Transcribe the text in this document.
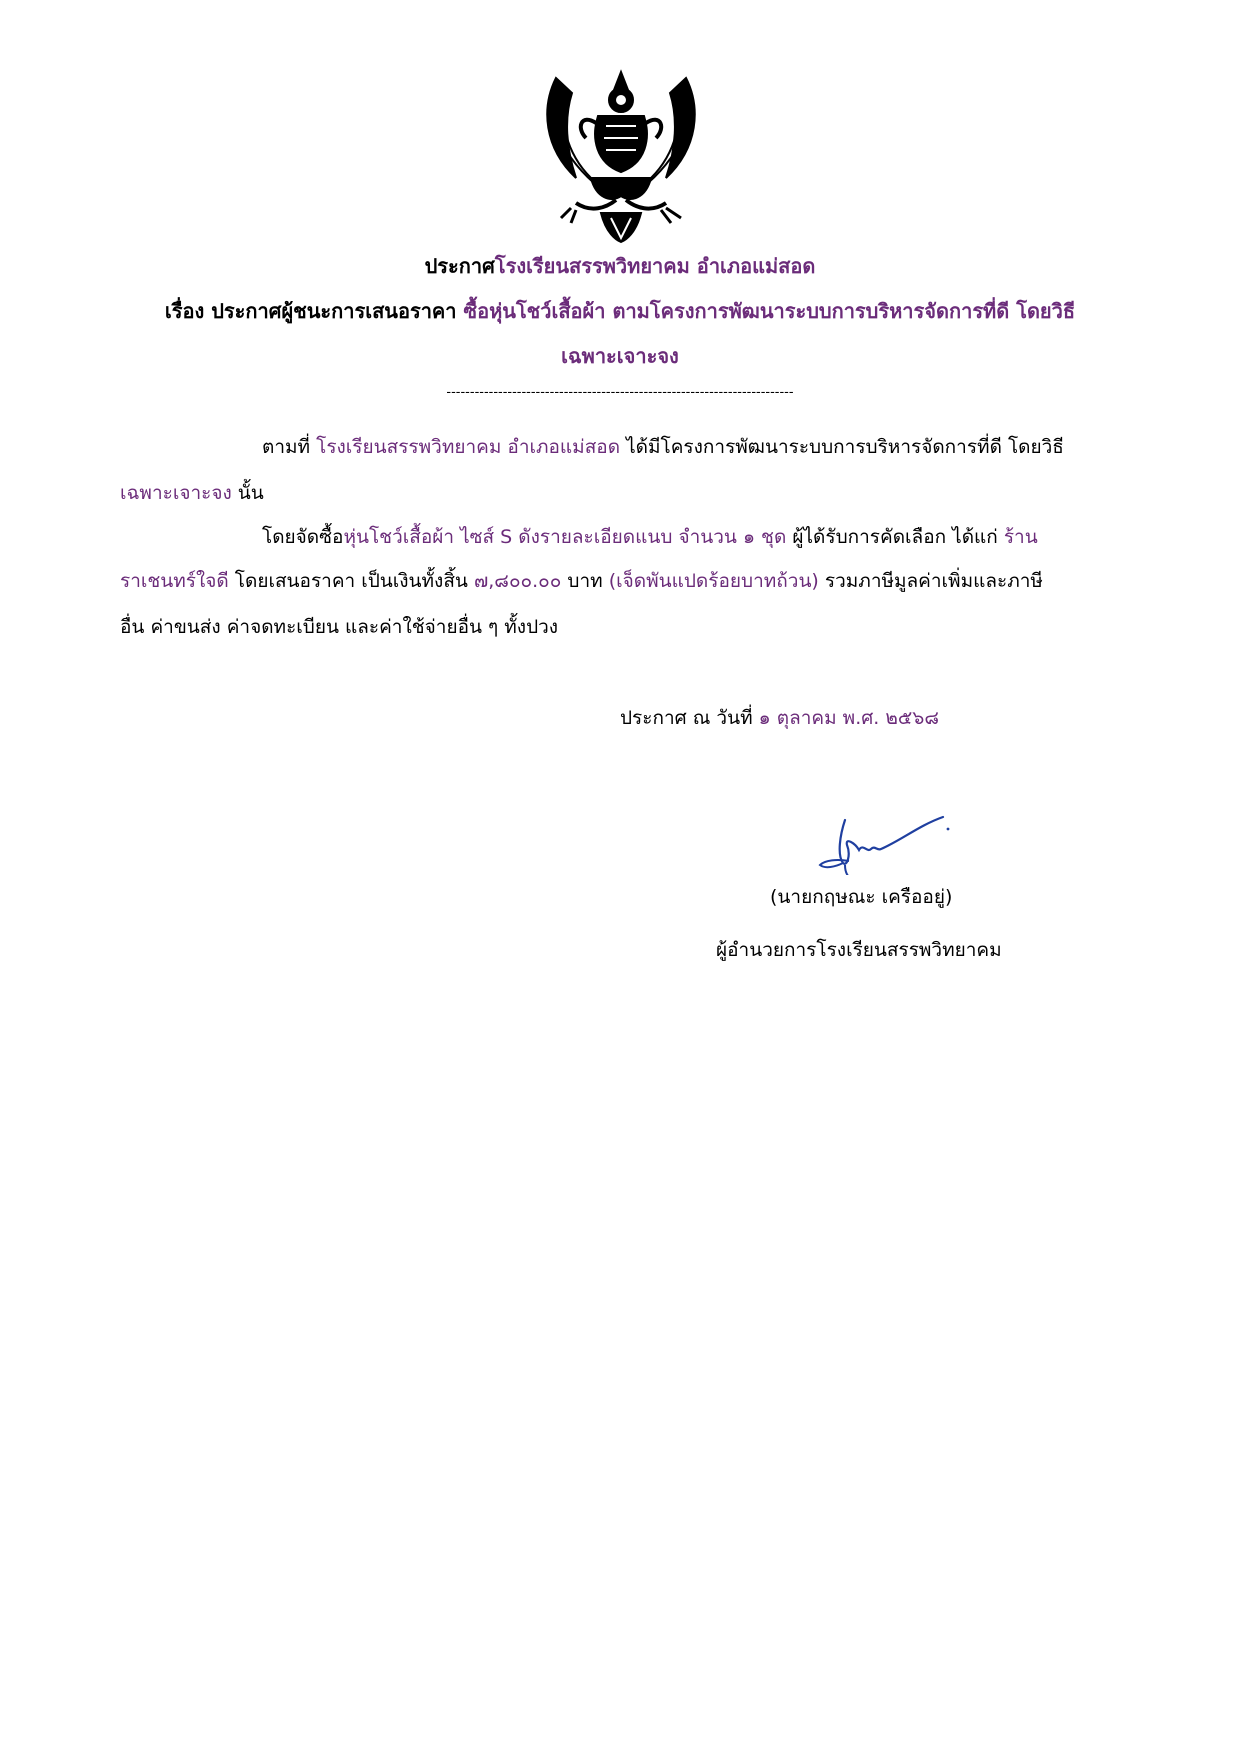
ประกาศโรงเรียนสรรพวิทยาคม อำเภอแม่สอด
เรื่อง ประกาศผู้ชนะการเสนอราคา ซื้อหุ่นโชว์เสื้อผ้า ตามโครงการพัฒนาระบบการบริหารจัดการที่ดี โดยวิธี
เฉพาะเจาะจง
--------------------------------------------------------------------------
ตามที่ โรงเรียนสรรพวิทยาคม อำเภอแม่สอด ได้มีโครงการพัฒนาระบบการบริหารจัดการที่ดี โดยวิธี
เฉพาะเจาะจง นั้น
โดยจัดซื้อหุ่นโชว์เสื้อผ้า ไซส์ S ดังรายละเอียดแนบ จำนวน ๑ ชุด ผู้ได้รับการคัดเลือก ได้แก่ ร้าน
ราเชนทร์ใจดี โดยเสนอราคา เป็นเงินทั้งสิ้น ๗,๘๐๐.๐๐ บาท (เจ็ดพันแปดร้อยบาทถ้วน) รวมภาษีมูลค่าเพิ่มและภาษี
อื่น ค่าขนส่ง ค่าจดทะเบียน และค่าใช้จ่ายอื่น ๆ ทั้งปวง
ประกาศ ณ วันที่ ๑ ตุลาคม พ.ศ. ๒๕๖๘
(นายกฤษณะ เครืออยู่)
ผู้อำนวยการโรงเรียนสรรพวิทยาคม
